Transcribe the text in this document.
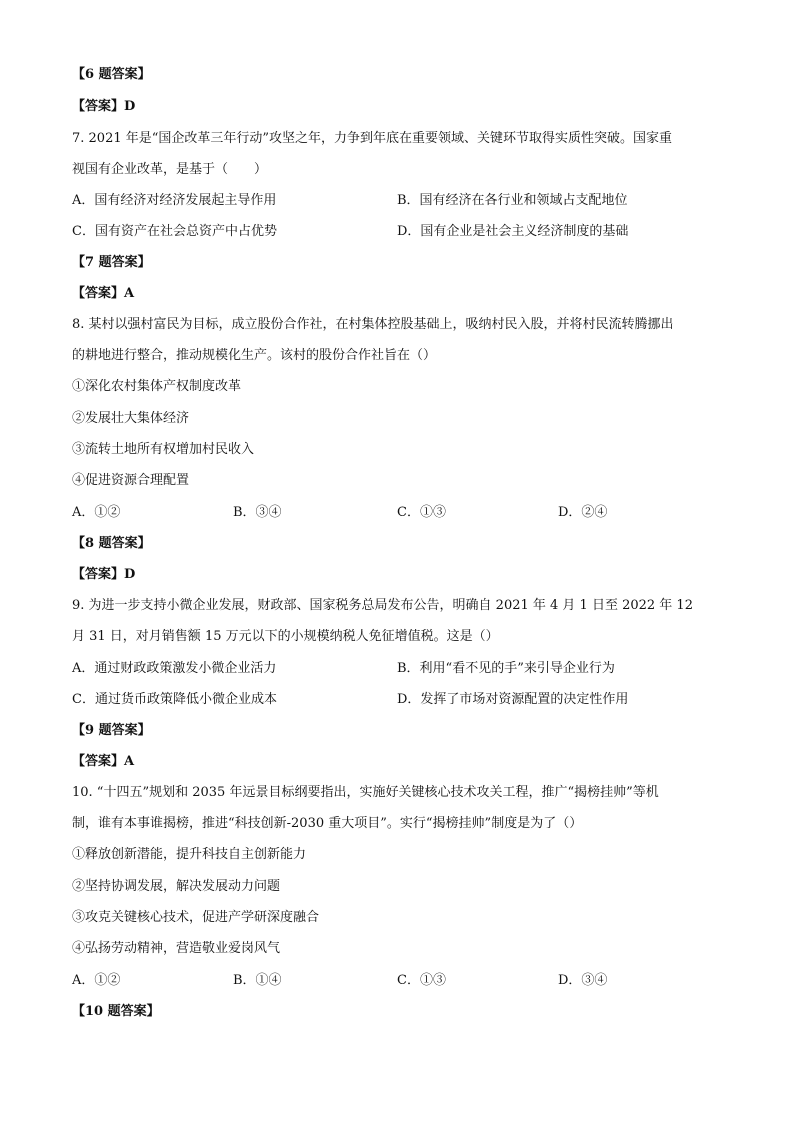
【6 题答案】
【答案】D
7. 2021 年是“国企改革三年行动”攻坚之年，力争到年底在重要领域、关键环节取得实质性突破。国家重
视国有企业改革，是基于（　　）
A．国有经济对经济发展起主导作用	B．国有经济在各行业和领域占支配地位
C．国有资产在社会总资产中占优势	D．国有企业是社会主义经济制度的基础
【7 题答案】
【答案】A
8. 某村以强村富民为目标，成立股份合作社，在村集体控股基础上，吸纳村民入股，并将村民流转腾挪出
的耕地进行整合，推动规模化生产。该村的股份合作社旨在（）
①深化农村集体产权制度改革
②发展壮大集体经济
③流转土地所有权增加村民收入
④促进资源合理配置
A．①②	B．③④	C．①③	D．②④
【8 题答案】
【答案】D
9. 为进一步支持小微企业发展，财政部、国家税务总局发布公告，明确自 2021 年 4 月 1 日至 2022 年 12
月 31 日，对月销售额 15 万元以下的小规模纳税人免征增值税。这是（）
A．通过财政政策激发小微企业活力	B．利用“看不见的手”来引导企业行为
C．通过货币政策降低小微企业成本	D．发挥了市场对资源配置的决定性作用
【9 题答案】
【答案】A
10. “十四五”规划和 2035 年远景目标纲要指出，实施好关键核心技术攻关工程，推广“揭榜挂帅”等机
制，谁有本事谁揭榜，推进“科技创新-2030 重大项目”。实行“揭榜挂帅”制度是为了（）
①释放创新潜能，提升科技自主创新能力
②坚持协调发展，解决发展动力问题
③攻克关键核心技术，促进产学研深度融合
④弘扬劳动精神，营造敬业爱岗风气
A．①②	B．①④	C．①③	D．③④
【10 题答案】
